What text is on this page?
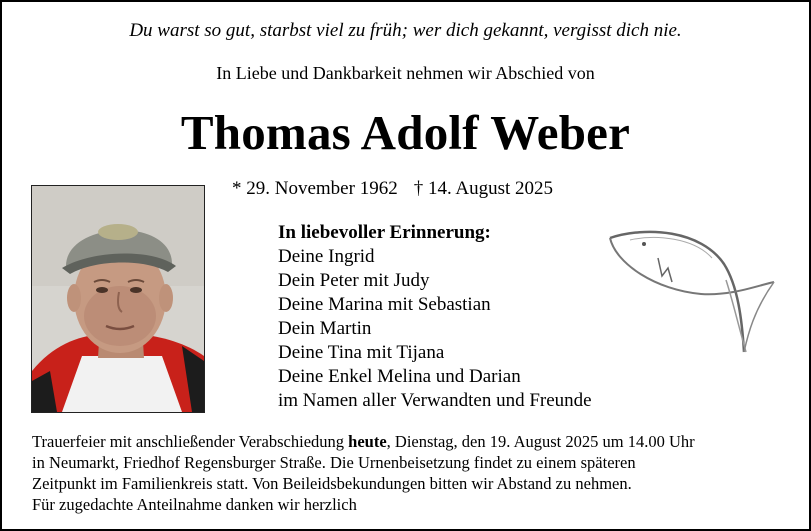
Du warst so gut, starbst viel zu früh; wer dich gekannt, vergisst dich nie.
In Liebe und Dankbarkeit nehmen wir Abschied von
Thomas Adolf Weber
* 29. November 1962 † 14. August 2025
In liebevoller Erinnerung:
Deine Ingrid
Dein Peter mit Judy
Deine Marina mit Sebastian
Dein Martin
Deine Tina mit Tijana
Deine Enkel Melina und Darian
im Namen aller Verwandten und Freunde
Trauerfeier mit anschließender Verabschiedung heute, Dienstag, den 19. August 2025 um 14.00 Uhr
in Neumarkt, Friedhof Regensburger Straße. Die Urnenbeisetzung findet zu einem späteren
Zeitpunkt im Familienkreis statt. Von Beileidsbekundungen bitten wir Abstand zu nehmen.
Für zugedachte Anteilnahme danken wir herzlich
